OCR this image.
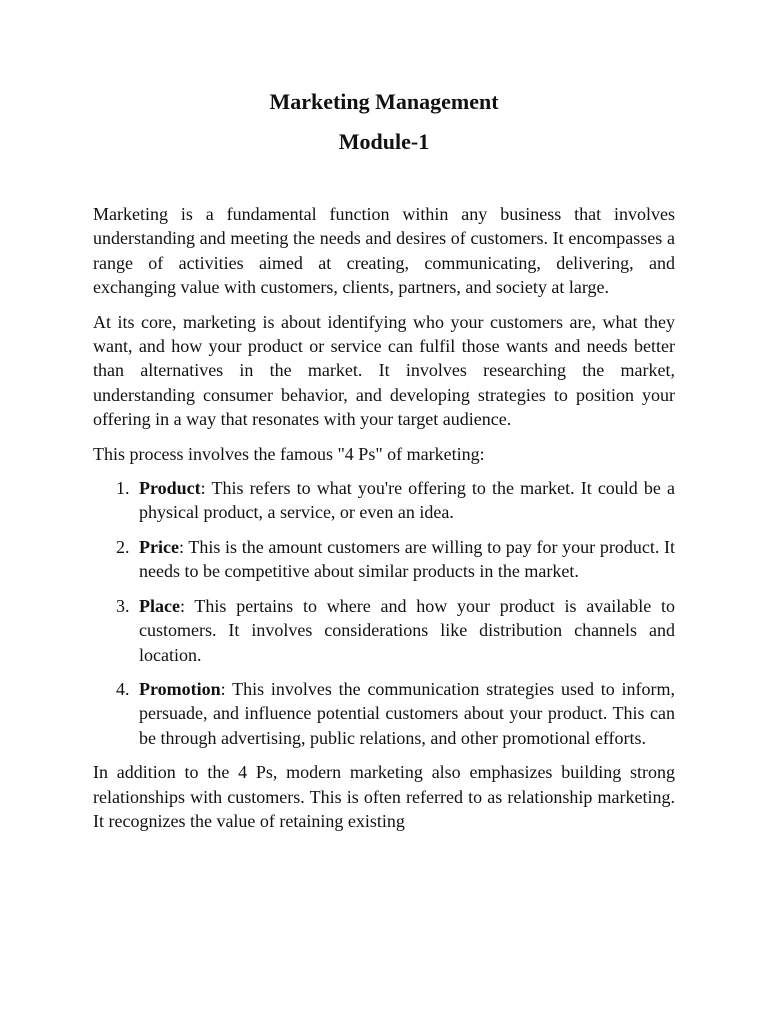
Marketing Management
Module-1

Marketing is a fundamental function within any business that involves understanding and meeting the needs and desires of customers. It encompasses a range of activities aimed at creating, communicating, delivering, and exchanging value with customers, clients, partners, and society at large.

At its core, marketing is about identifying who your customers are, what they want, and how your product or service can fulfil those wants and needs better than alternatives in the market. It involves researching the market, understanding consumer behavior, and developing strategies to position your offering in a way that resonates with your target audience.

This process involves the famous "4 Ps" of marketing:

1. Product: This refers to what you're offering to the market. It could be a physical product, a service, or even an idea.
2. Price: This is the amount customers are willing to pay for your product. It needs to be competitive about similar products in the market.
3. Place: This pertains to where and how your product is available to customers. It involves considerations like distribution channels and location.
4. Promotion: This involves the communication strategies used to inform, persuade, and influence potential customers about your product. This can be through advertising, public relations, and other promotional efforts.

In addition to the 4 Ps, modern marketing also emphasizes building strong relationships with customers. This is often referred to as relationship marketing. It recognizes the value of retaining existing
